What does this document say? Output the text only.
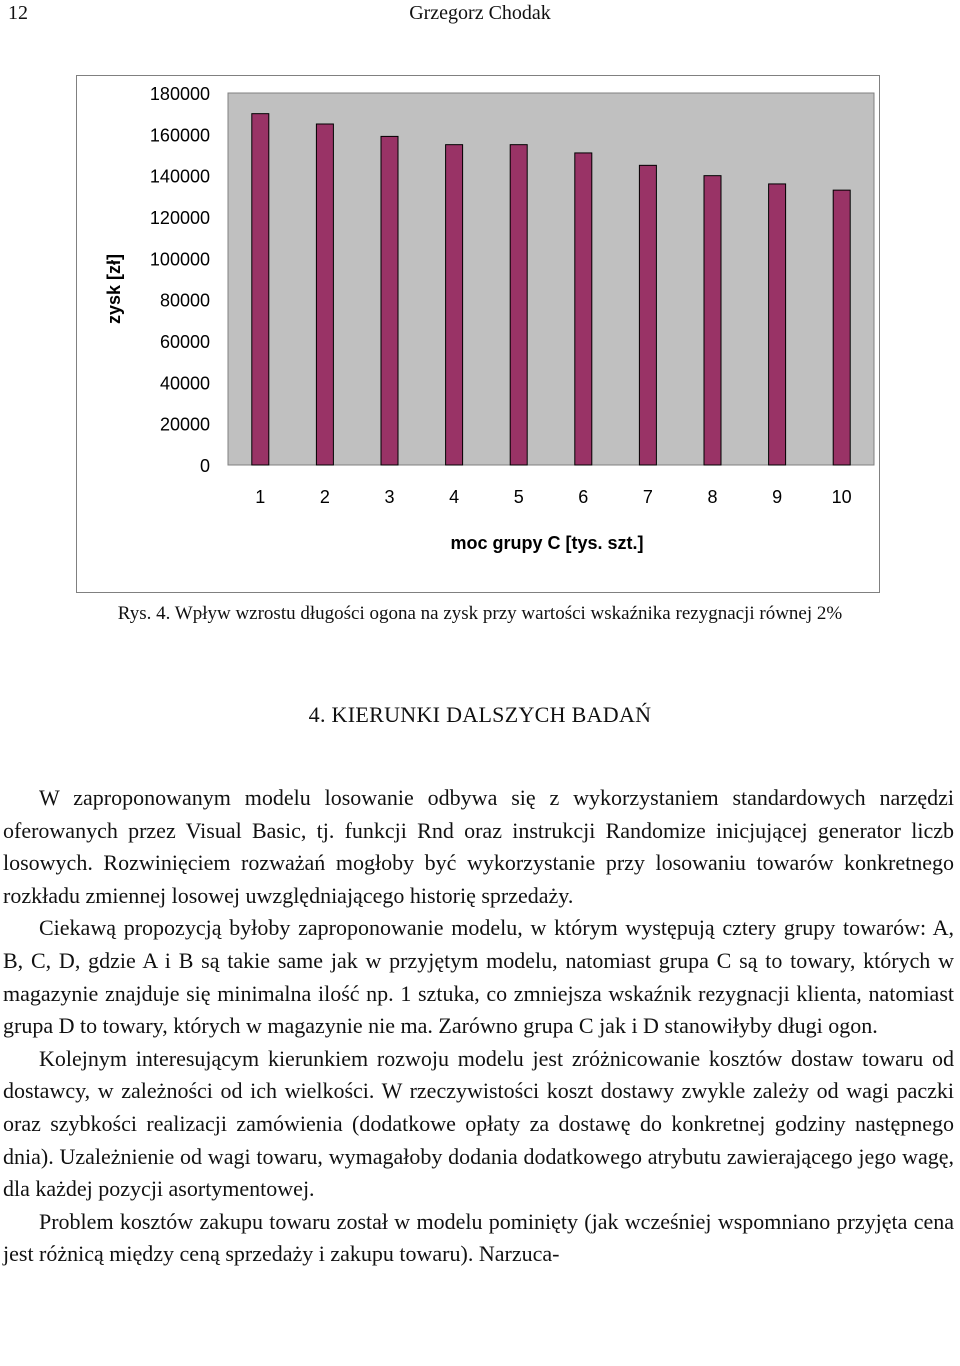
12	Grzegorz Chodak
0
20000
40000
60000
80000
100000
120000
140000
160000
180000
1	2	3	4	5	6	7	8	9	10
moc grupy C [tys. szt.]
zysk [zł]
Rys. 4. Wpływ wzrostu długości ogona na zysk przy wartości wskaźnika rezygnacji równej 2%
4. KIERUNKI DALSZYCH BADAŃ

W zaproponowanym modelu losowanie odbywa się z wykorzystaniem standardowych narzędzi oferowanych przez Visual Basic, tj. funkcji Rnd oraz instrukcji Randomize inicjującej generator liczb losowych. Rozwinięciem rozważań mogłoby być wykorzystanie przy losowaniu towarów konkretnego rozkładu zmiennej losowej uwzględniającego historię sprzedaży.

Ciekawą propozycją byłoby zaproponowanie modelu, w którym występują cztery grupy towarów: A, B, C, D, gdzie A i B są takie same jak w przyjętym modelu, natomiast grupa C są to towary, których w magazynie znajduje się minimalna ilość np. 1 sztuka, co zmniejsza wskaźnik rezygnacji klienta, natomiast grupa D to towary, których w magazynie nie ma. Zarówno grupa C jak i D stanowiłyby długi ogon.

Kolejnym interesującym kierunkiem rozwoju modelu jest zróżnicowanie kosztów dostaw towaru od dostawcy, w zależności od ich wielkości. W rzeczywistości koszt dostawy zwykle zależy od wagi paczki oraz szybkości realizacji zamówienia (dodatkowe opłaty za dostawę do konkretnej godziny następnego dnia). Uzależnienie od wagi towaru, wymagałoby dodania dodatkowego atrybutu zawierającego jego wagę, dla każdej pozycji asortymentowej.

Problem kosztów zakupu towaru został w modelu pominięty (jak wcześniej wspomniano przyjęta cena jest różnicą między ceną sprzedaży i zakupu towaru). Narzuca-
